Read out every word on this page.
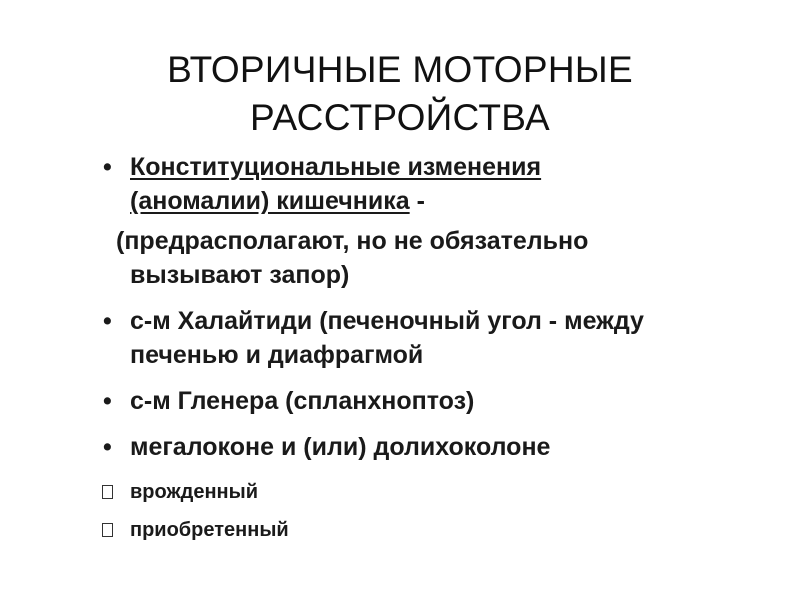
ВТОРИЧНЫЕ МОТОРНЫЕ
РАССТРОЙСТВА
• Конституциональные изменения
(аномалии) кишечника -
(предрасполагают, но не обязательно
вызывают запор)
• с-м Халайтиди (печеночный угол - между
печенью и диафрагмой
• с-м Гленера (спланхноптоз)
• мегалоконе и (или) долихоколоне
врожденный
приобретенный
